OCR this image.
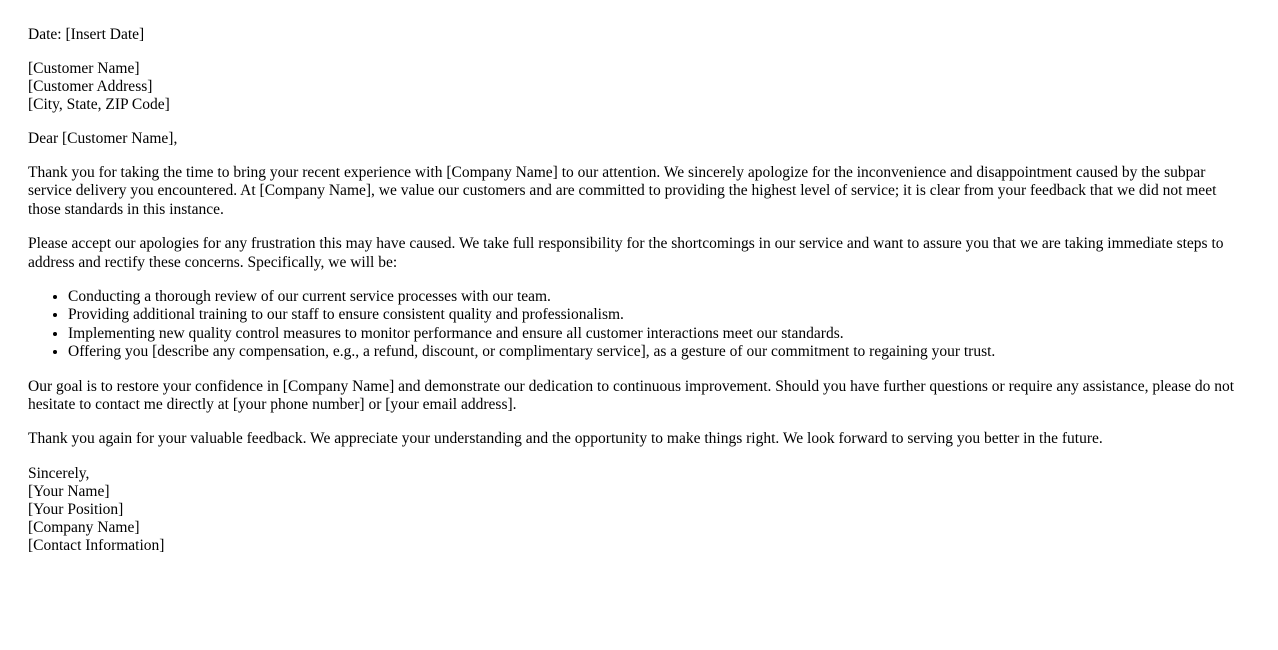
Date: [Insert Date]
[Customer Name]
[Customer Address]
[City, State, ZIP Code]
Dear [Customer Name],

Thank you for taking the time to bring your recent experience with [Company Name] to our attention. We sincerely apologize for the inconvenience and disappointment caused by the subpar service delivery you encountered. At [Company Name], we value our customers and are committed to providing the highest level of service; it is clear from your feedback that we did not meet those standards in this instance.

Please accept our apologies for any frustration this may have caused. We take full responsibility for the shortcomings in our service and want to assure you that we are taking immediate steps to address and rectify these concerns. Specifically, we will be:

• Conducting a thorough review of our current service processes with our team.
• Providing additional training to our staff to ensure consistent quality and professionalism.
• Implementing new quality control measures to monitor performance and ensure all customer interactions meet our standards.
• Offering you [describe any compensation, e.g., a refund, discount, or complimentary service], as a gesture of our commitment to regaining your trust.

Our goal is to restore your confidence in [Company Name] and demonstrate our dedication to continuous improvement. Should you have further questions or require any assistance, please do not hesitate to contact me directly at [your phone number] or [your email address].

Thank you again for your valuable feedback. We appreciate your understanding and the opportunity to make things right. We look forward to serving you better in the future.

Sincerely,
[Your Name]
[Your Position]
[Company Name]
[Contact Information]
